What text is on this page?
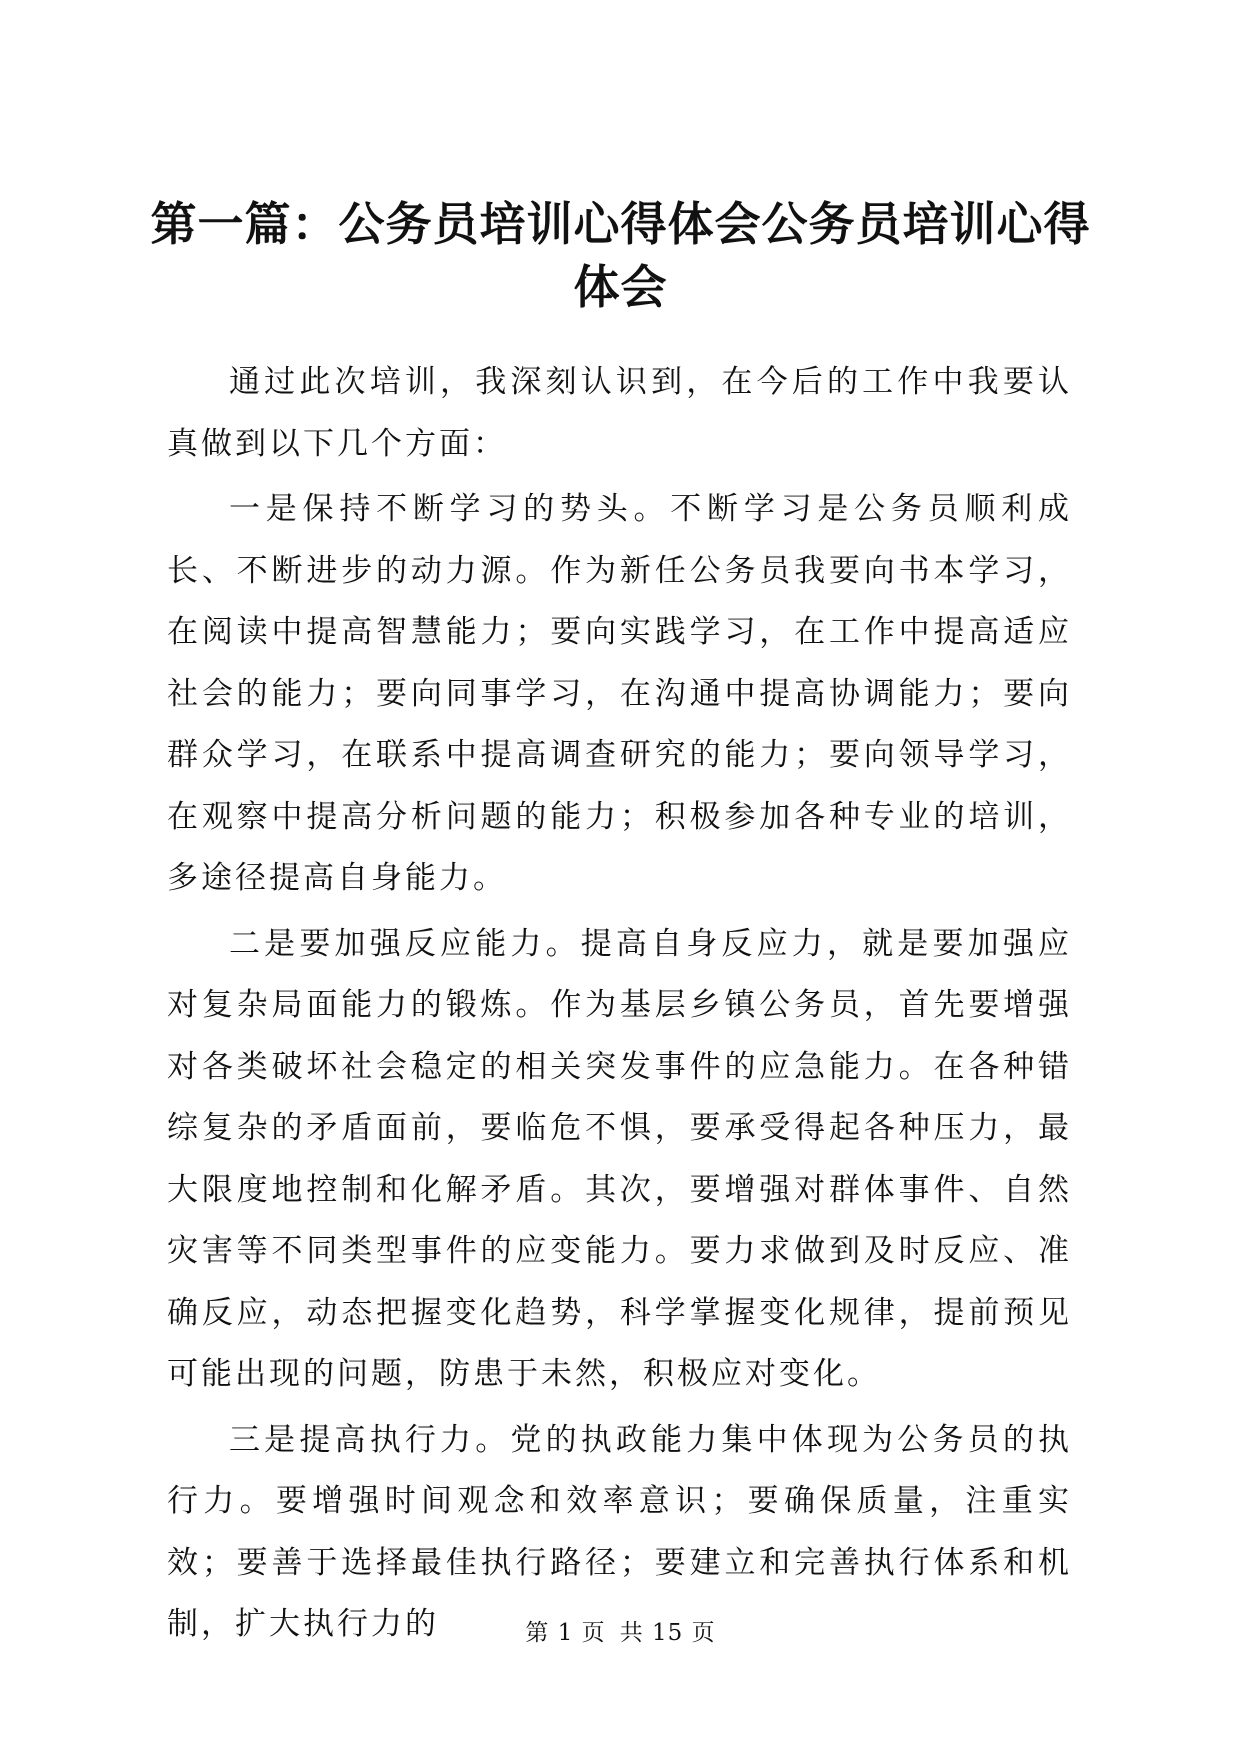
第一篇：公务员培训心得体会公务员培训心得
体会

通过此次培训，我深刻认识到，在今后的工作中我要认真做到以下几个方面：

一是保持不断学习的势头。不断学习是公务员顺利成长、不断进步的动力源。作为新任公务员我要向书本学习，在阅读中提高智慧能力；要向实践学习，在工作中提高适应社会的能力；要向同事学习，在沟通中提高协调能力；要向群众学习，在联系中提高调查研究的能力；要向领导学习，在观察中提高分析问题的能力；积极参加各种专业的培训，多途径提高自身能力。

二是要加强反应能力。提高自身反应力，就是要加强应对复杂局面能力的锻炼。作为基层乡镇公务员，首先要增强对各类破坏社会稳定的相关突发事件的应急能力。在各种错综复杂的矛盾面前，要临危不惧，要承受得起各种压力，最大限度地控制和化解矛盾。其次，要增强对群体事件、自然灾害等不同类型事件的应变能力。要力求做到及时反应、准确反应，动态把握变化趋势，科学掌握变化规律，提前预见可能出现的问题，防患于未然，积极应对变化。

三是提高执行力。党的执政能力集中体现为公务员的执行力。要增强时间观念和效率意识；要确保质量，注重实效；要善于选择最佳执行路径；要建立和完善执行体系和机制，扩大执行力的	第 1 页 共 15 页
